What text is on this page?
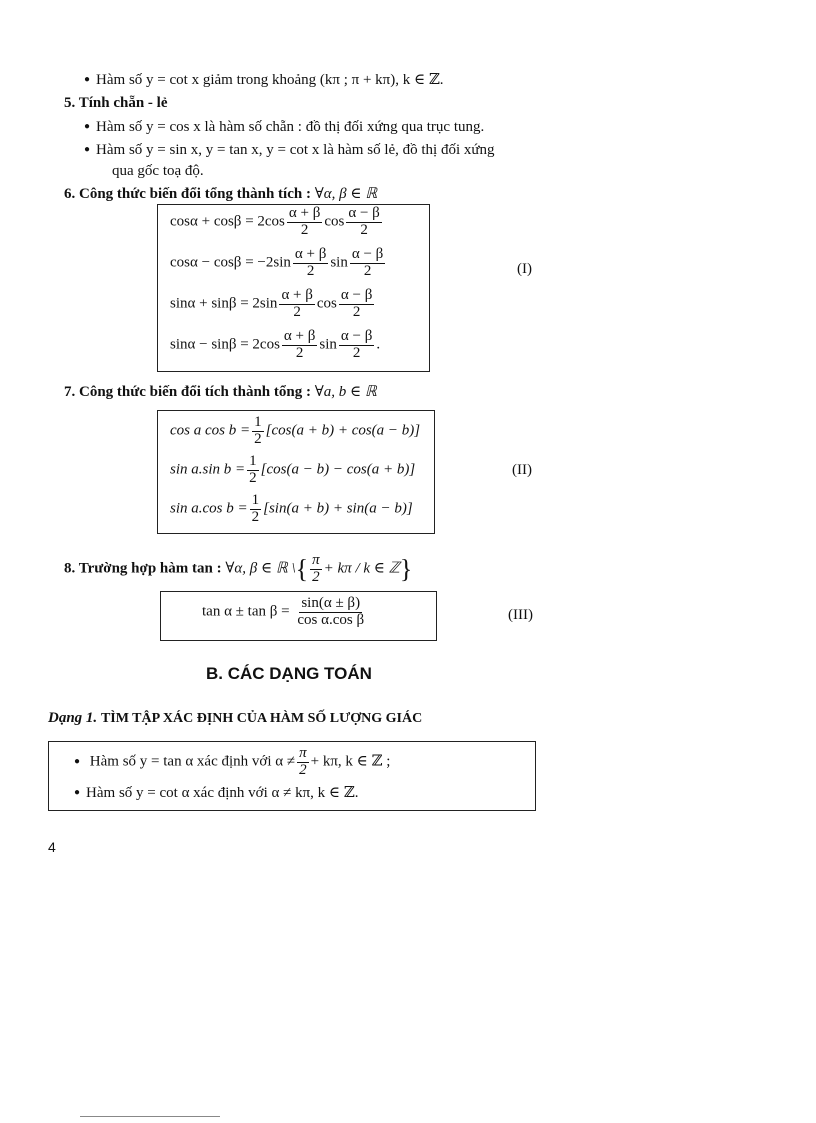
● Hàm số y = cot x giảm trong khoảng (kπ ; π + kπ), k ∈ ℤ.
5. Tính chẵn - lẻ
● Hàm số y = cos x là hàm số chẵn : đồ thị đối xứng qua trục tung.
● Hàm số y = sin x, y = tan x, y = cot x là hàm số lẻ, đồ thị đối xứng
qua gốc toạ độ.
6. Công thức biến đổi tổng thành tích : ∀α, β ∈ ℝ
$\cos\alpha + \cos\beta = 2\cos \frac{\alpha + \beta}{2}$ $\cos \frac{\alpha - \beta}{2}$
$\cos\alpha - \cos\beta = -2\sin \frac{\alpha + \beta}{2}$ $\sin \frac{\alpha - \beta}{2}$
$\sin\alpha + \sin\beta = 2\sin \frac{\alpha + \beta}{2}$ $\cos \frac{\alpha - \beta}{2}$
$\sin\alpha - \sin\beta = 2\cos \frac{\alpha + \beta}{2}$ $\sin \frac{\alpha - \beta}{2}$ .
(I)
7. Công thức biến đổi tích thành tổng : ∀a, b ∈ ℝ
cos a $\cos b = \frac{1}{2} [\cos(a + b) + \cos(a - b)]$
sin a.sin $b = \frac{1}{2} [\cos(a - b) - \cos(a + b)]$
sin a.cos $b = \frac{1}{2} [\sin(a + b) + \sin(a - b)]$
(II)
8. Trường hợp hàm tan : ∀α, β ∈ ℝ \{ $\frac{\pi}{2} + k\pi / k$ ∈ ℤ}
$\tan \alpha \pm \tan \beta = \frac{\sin(\alpha \pm \beta)}{\text{cos α.cos β}}$	(III)
B. CÁC DẠNG TOÁN
Dạng 1. TÌM TẬP XÁC ĐỊNH CỦA HÀM SỐ LƯỢNG GIÁC
● Hàm số y = tan α xác định với $\alpha \ne \frac{\pi}{2} + k\pi$, k ∈ ℤ ;
● Hàm số y = cot α xác định với α ≠ kπ, k ∈ ℤ.
4
